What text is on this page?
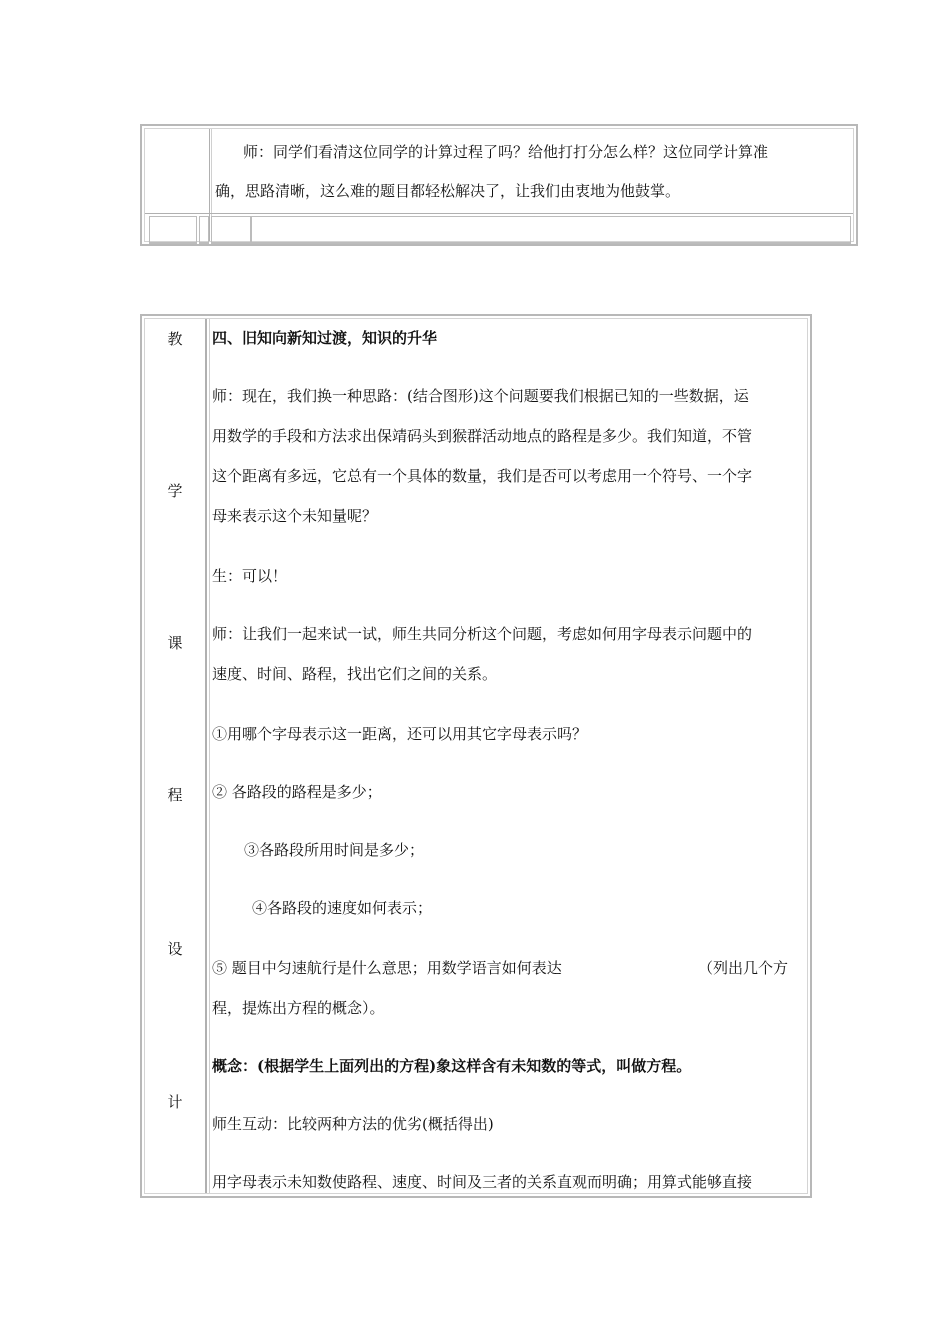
师：同学们看清这位同学的计算过程了吗？给他打打分怎么样？这位同学计算准
确，思路清晰，这么难的题目都轻松解决了，让我们由衷地为他鼓掌。
教
学
课
程
设
计
四、旧知向新知过渡，知识的升华
师：现在，我们换一种思路：(结合图形)这个问题要我们根据已知的一些数据，运
用数学的手段和方法求出保靖码头到猴群活动地点的路程是多少。我们知道，不管
这个距离有多远，它总有一个具体的数量，我们是否可以考虑用一个符号、一个字
母来表示这个未知量呢？
生：可以！
师：让我们一起来试一试，师生共同分析这个问题，考虑如何用字母表示问题中的
速度、时间、路程，找出它们之间的关系。
①用哪个字母表示这一距离，还可以用其它字母表示吗？
② 各路段的路程是多少；
③各路段所用时间是多少；
④各路段的速度如何表示；
⑤ 题目中匀速航行是什么意思；用数学语言如何表达	（列出几个方
程，提炼出方程的概念）。
概念：(根据学生上面列出的方程)象这样含有未知数的等式，叫做方程。
师生互动：比较两种方法的优劣(概括得出)
用字母表示未知数使路程、速度、时间及三者的关系直观而明确；用算式能够直接
